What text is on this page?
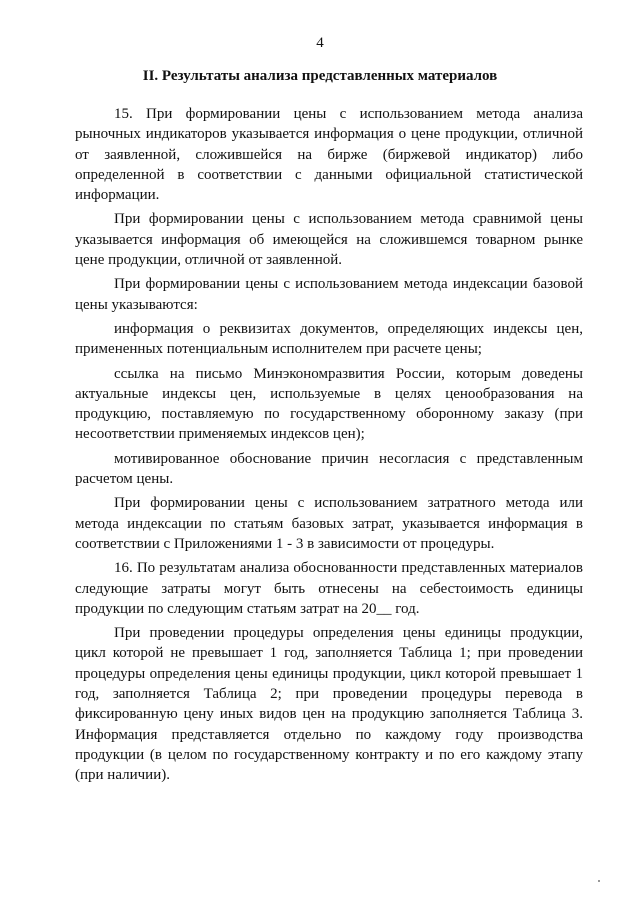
4
II. Результаты анализа представленных материалов

15. При формировании цены с использованием метода анализа рыночных индикаторов указывается информация о цене продукции, отличной от заявленной, сложившейся на бирже (биржевой индикатор) либо определенной в соответствии с данными официальной статистической информации.

При формировании цены с использованием метода сравнимой цены указывается информация об имеющейся на сложившемся товарном рынке цене продукции, отличной от заявленной.

При формировании цены с использованием метода индексации базовой цены указываются:

информация о реквизитах документов, определяющих индексы цен, примененных потенциальным исполнителем при расчете цены;

ссылка на письмо Минэкономразвития России, которым доведены актуальные индексы цен, используемые в целях ценообразования на продукцию, поставляемую по государственному оборонному заказу (при несоответствии применяемых индексов цен);

мотивированное обоснование причин несогласия с представленным расчетом цены.

При формировании цены с использованием затратного метода или метода индексации по статьям базовых затрат, указывается информация в соответствии с Приложениями 1 - 3 в зависимости от процедуры.

16. По результатам анализа обоснованности представленных материалов следующие затраты могут быть отнесены на себестоимость единицы продукции по следующим статьям затрат на 20__ год.

При проведении процедуры определения цены единицы продукции, цикл которой не превышает 1 год, заполняется Таблица 1; при проведении процедуры определения цены единицы продукции, цикл которой превышает 1 год, заполняется Таблица 2; при проведении процедуры перевода в фиксированную цену иных видов цен на продукцию заполняется Таблица 3. Информация представляется отдельно по каждому году производства продукции (в целом по государственному контракту и по его каждому этапу (при наличии).
